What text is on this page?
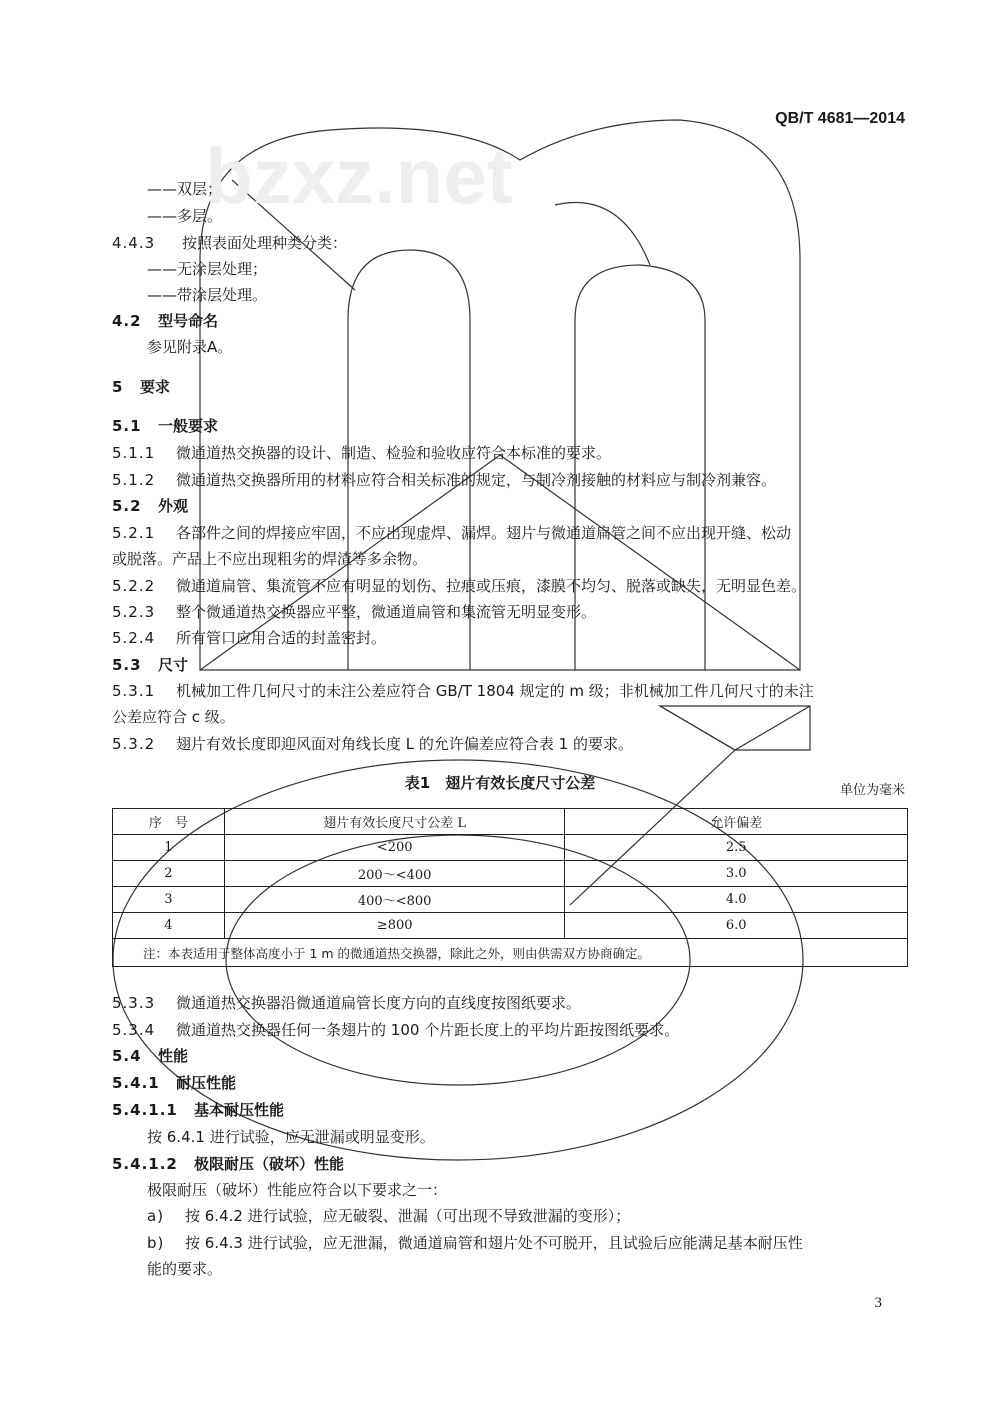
bzxz.net
QB/T 4681—2014
——双层；
——多层。
4.4.3 按照表面处理种类分类：
——无涂层处理；
——带涂层处理。
4.2 型号命名
参见附录A。
5 要求
5.1 一般要求
5.1.1 微通道热交换器的设计、制造、检验和验收应符合本标准的要求。
5.1.2 微通道热交换器所用的材料应符合相关标准的规定，与制冷剂接触的材料应与制冷剂兼容。
5.2 外观
5.2.1 各部件之间的焊接应牢固，不应出现虚焊、漏焊。翅片与微通道扁管之间不应出现开缝、松动
或脱落。产品上不应出现粗劣的焊渣等多余物。
5.2.2 微通道扁管、集流管不应有明显的划伤、拉痕或压痕，漆膜不均匀、脱落或缺失，无明显色差。
5.2.3 整个微通道热交换器应平整，微通道扁管和集流管无明显变形。
5.2.4 所有管口应用合适的封盖密封。
5.3 尺寸
5.3.1 机械加工件几何尺寸的未注公差应符合 GB/T 1804 规定的 m 级；非机械加工件几何尺寸的未注
公差应符合 c 级。
5.3.2 翅片有效长度即迎风面对角线长度 L 的允许偏差应符合表 1 的要求。
表1　翅片有效长度尺寸公差	单位为毫米
序　号	翅片有效长度尺寸公差 L	允许偏差
1	<200	2.5
2	200～<400	3.0
3	400～<800	4.0
4	≥800	6.0
注：本表适用于整体高度小于 1 m 的微通道热交换器，除此之外，则由供需双方协商确定。		
5.3.3 微通道热交换器沿微通道扁管长度方向的直线度按图纸要求。
5.3.4 微通道热交换器任何一条翅片的 100 个片距长度上的平均片距按图纸要求。
5.4 性能
5.4.1 耐压性能
5.4.1.1 基本耐压性能
按 6.4.1 进行试验，应无泄漏或明显变形。
5.4.1.2 极限耐压（破坏）性能
极限耐压（破坏）性能应符合以下要求之一：
a) 按 6.4.2 进行试验，应无破裂、泄漏（可出现不导致泄漏的变形）；
b) 按 6.4.3 进行试验，应无泄漏，微通道扁管和翅片处不可脱开，且试验后应能满足基本耐压性
能的要求。
3
